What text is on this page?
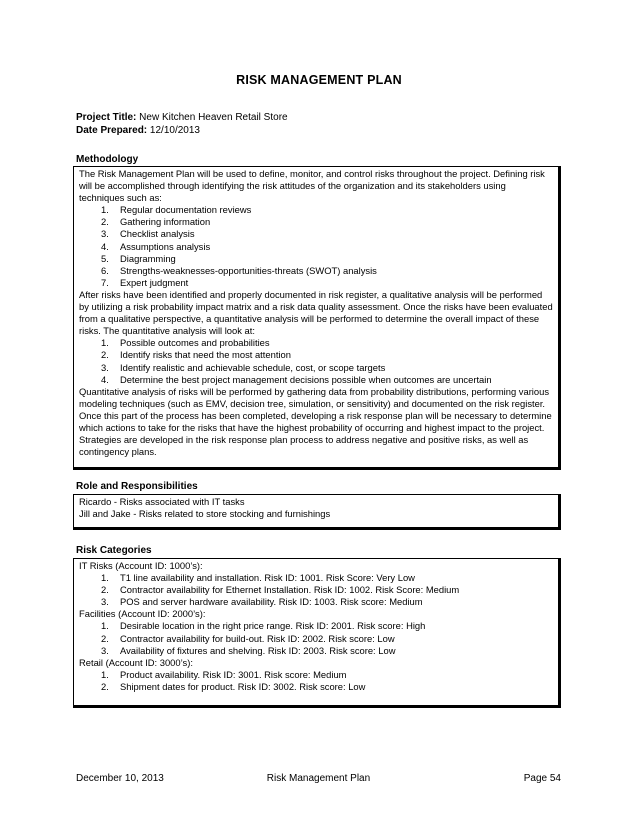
RISK MANAGEMENT PLAN
Project Title: New Kitchen Heaven Retail Store
Date Prepared: 12/10/2013
Methodology

The Risk Management Plan will be used to define, monitor, and control risks throughout the project. Defining risk will be accomplished through identifying the risk attitudes of the organization and its stakeholders using techniques such as:

1.	Regular documentation reviews
2.	Gathering information
3.	Checklist analysis
4.	Assumptions analysis
5.	Diagramming
6.	Strengths-weaknesses-opportunities-threats (SWOT) analysis
7.	Expert judgment

After risks have been identified and properly documented in risk register, a qualitative analysis will be performed by utilizing a risk probability impact matrix and a risk data quality assessment. Once the risks have been evaluated from a qualitative perspective, a quantitative analysis will be performed to determine the overall impact of these risks. The quantitative analysis will look at:

1.	Possible outcomes and probabilities
2.	Identify risks that need the most attention
3.	Identify realistic and achievable schedule, cost, or scope targets
4.	Determine the best project management decisions possible when outcomes are uncertain

Quantitative analysis of risks will be performed by gathering data from probability distributions, performing various modeling techniques (such as EMV, decision tree, simulation, or sensitivity) and documented on the risk register. Once this part of the process has been completed, developing a risk response plan will be necessary to determine which actions to take for the risks that have the highest probability of occurring and highest impact to the project. Strategies are developed in the risk response plan process to address negative and positive risks, as well as contingency plans.

Role and Responsibilities

Ricardo - Risks associated with IT tasks

Jill and Jake - Risks related to store stocking and furnishings

Risk Categories

IT Risks (Account ID: 1000’s):

1.	T1 line availability and installation. Risk ID: 1001. Risk Score: Very Low
2.	Contractor availability for Ethernet Installation. Risk ID: 1002. Risk Score: Medium
3.	POS and server hardware availability. Risk ID: 1003. Risk score: Medium

Facilities (Account ID: 2000’s):

1.	Desirable location in the right price range. Risk ID: 2001. Risk score: High
2.	Contractor availability for build-out. Risk ID: 2002. Risk score: Low
3.	Availability of fixtures and shelving. Risk ID: 2003. Risk score: Low

Retail (Account ID: 3000’s):

1.	Product availability. Risk ID: 3001. Risk score: Medium
2.	Shipment dates for product. Risk ID: 3002. Risk score: Low
December 10, 2013	Risk Management Plan	Page 54
